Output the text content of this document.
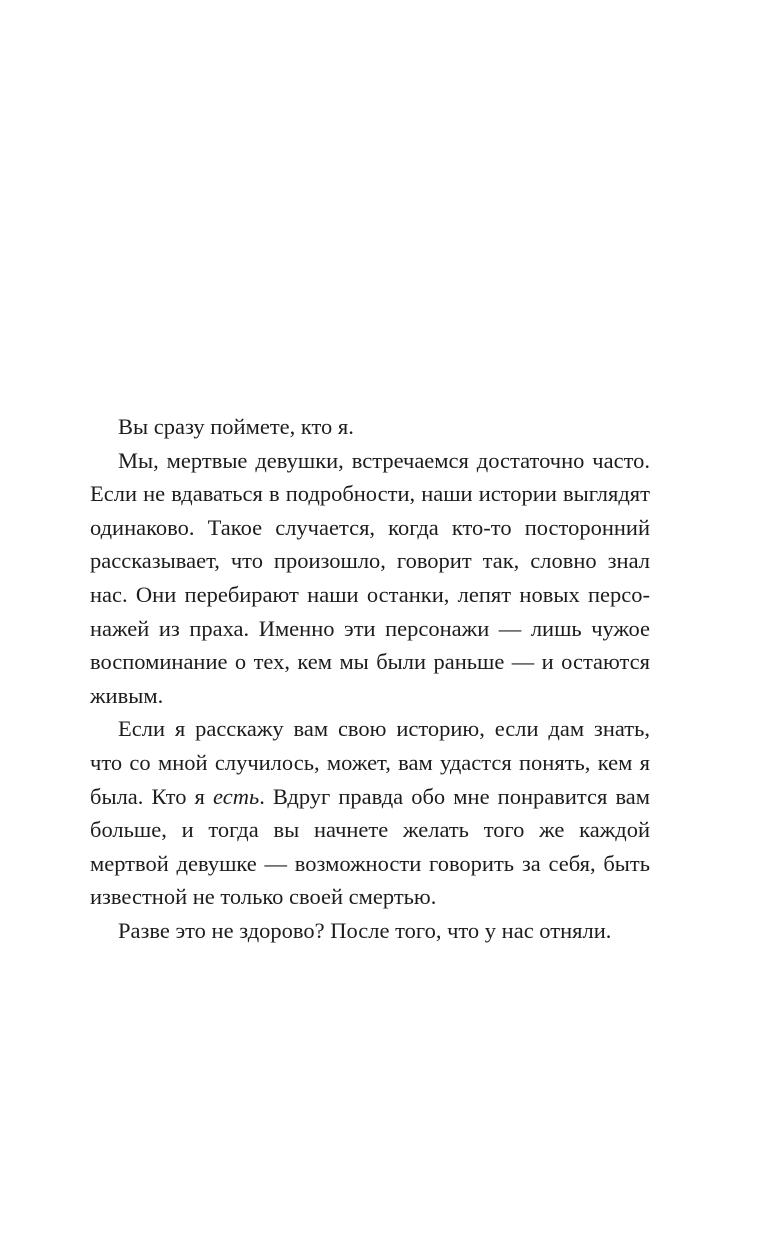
Вы сразу поймете, кто я.

Мы, мертвые девушки, встречаемся достаточно часто. Если не вдаваться в подробности, наши истории выглядят одинаково. Такое случается, когда кто-то посторонний рассказывает, что произошло, говорит так, словно знал нас. Они перебирают наши останки, лепят новых персонажей из праха. Именно эти персонажи — лишь чужое воспоминание о тех, кем мы были раньше — и остаются живым.

Если я расскажу вам свою историю, если дам знать, что со мной случилось, может, вам удастся понять, кем я была. Кто я есть. Вдруг правда обо мне понравится вам больше, и тогда вы начнете желать того же каждой мертвой девушке — возможности говорить за себя, быть известной не только своей смертью.

Разве это не здорово? После того, что у нас отняли.
